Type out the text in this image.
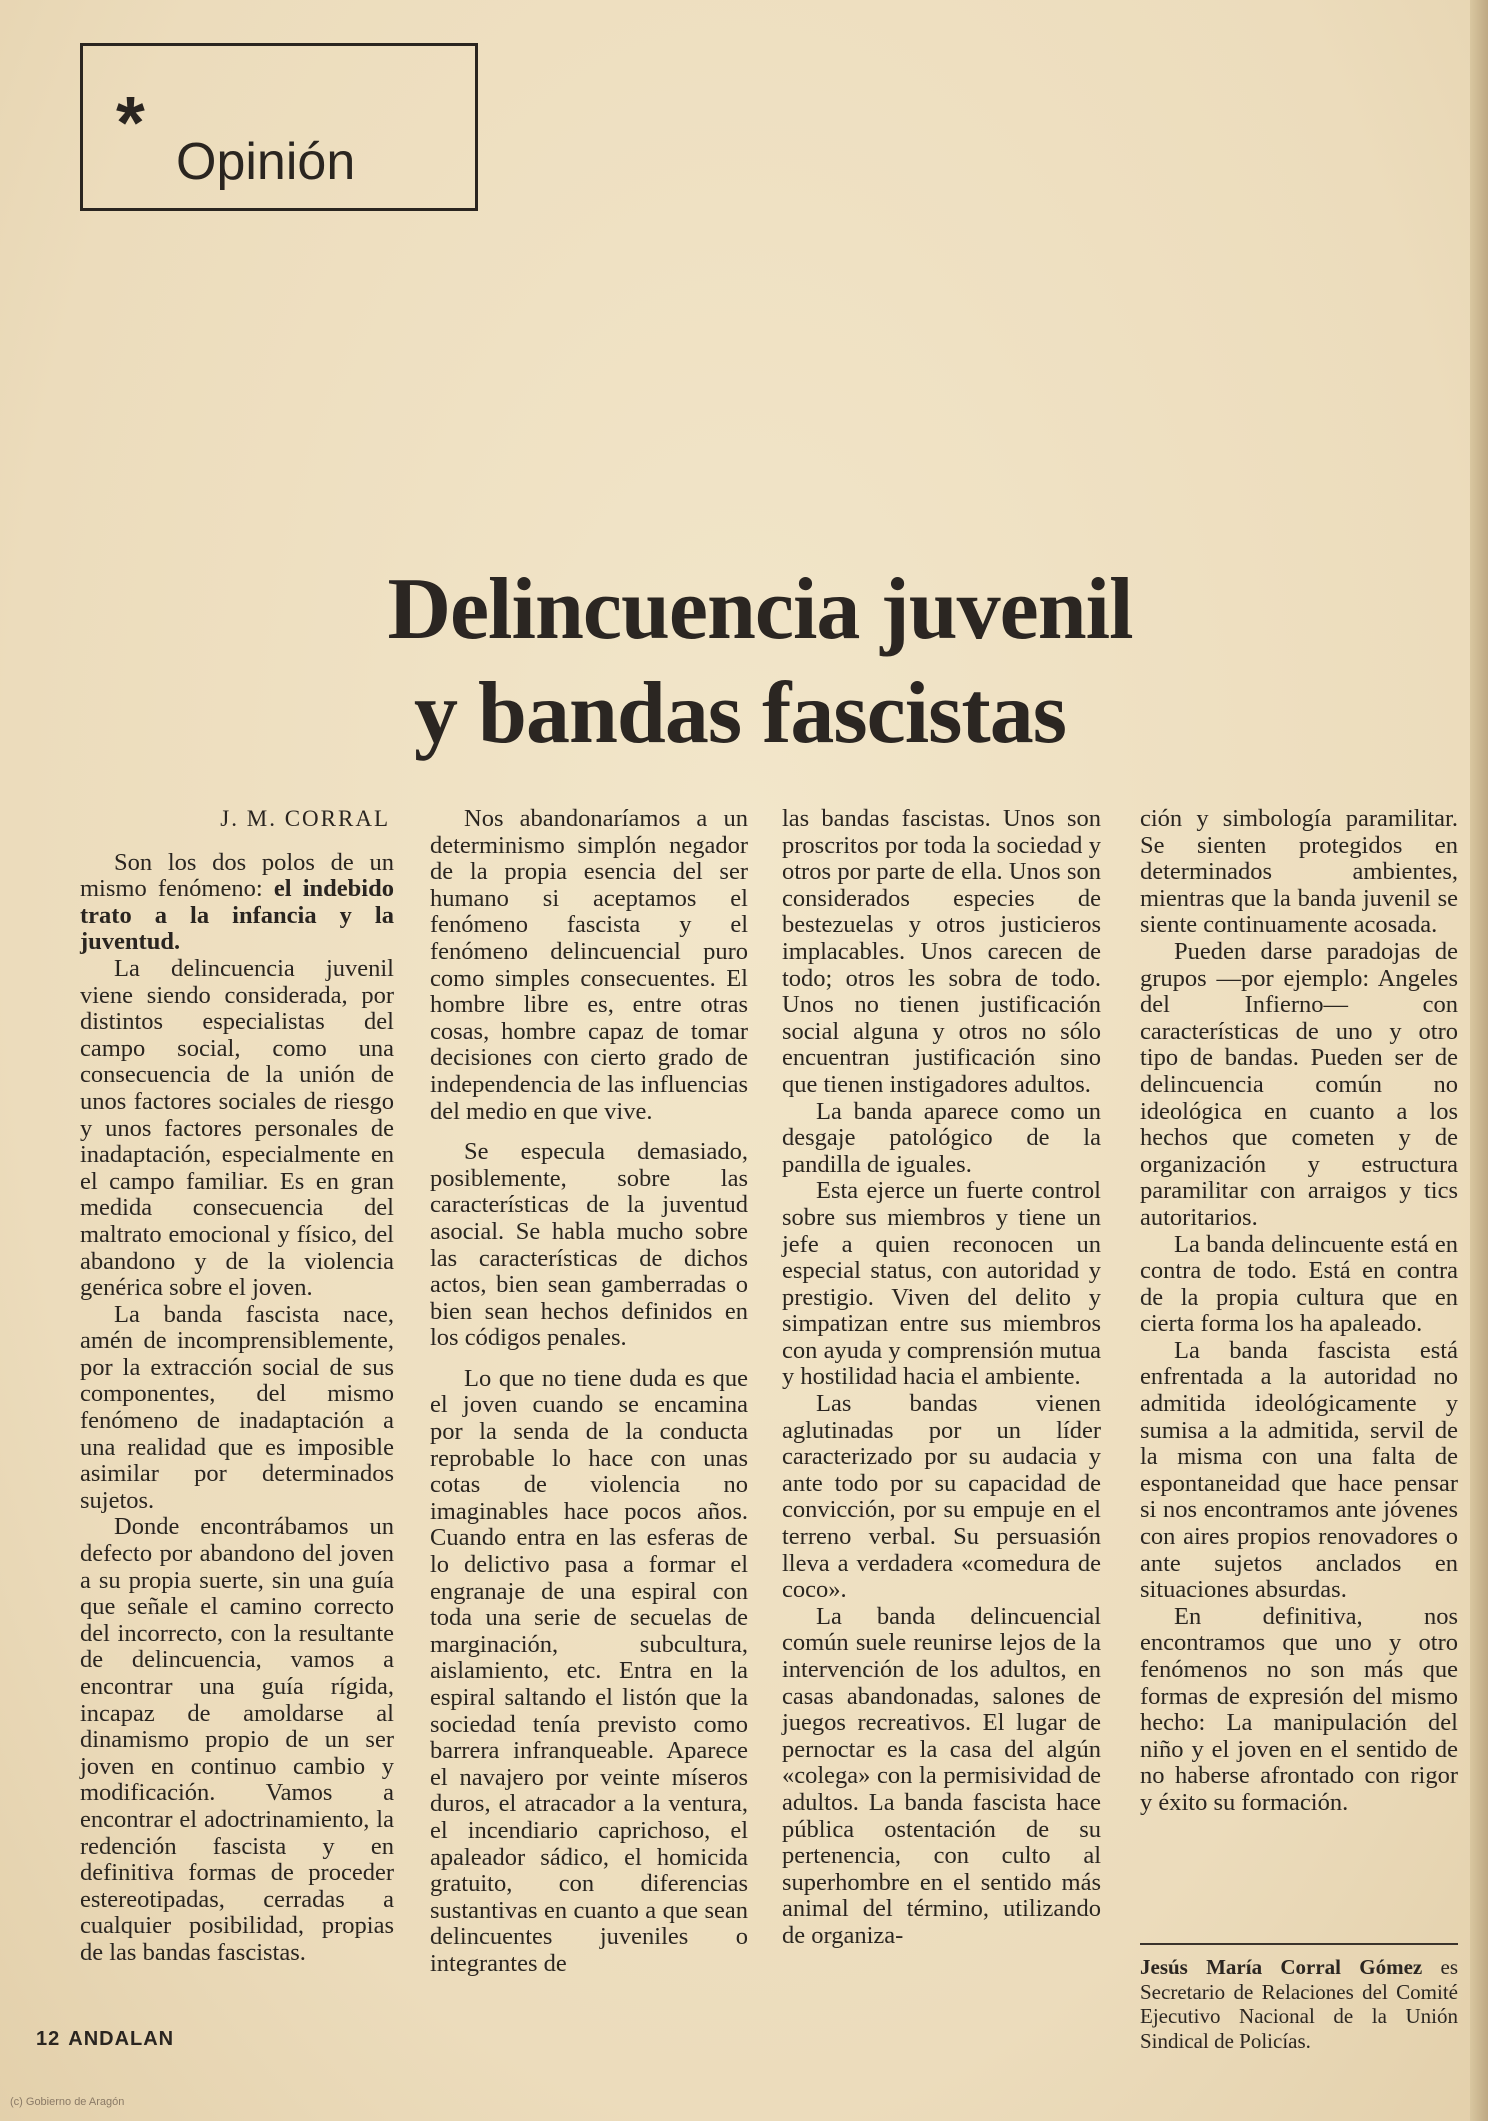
* Opinión
Delincuencia juvenil
y bandas fascistas
J. M. CORRAL

Son los dos polos de un mismo fenómeno: el indebido trato a la infancia y la juventud.

La delincuencia juvenil viene siendo considerada, por distintos especialistas del campo social, como una consecuencia de la unión de unos factores sociales de riesgo y unos factores personales de inadaptación, especialmente en el campo familiar. Es en gran medida consecuencia del maltrato emocional y físico, del abandono y de la violencia genérica sobre el joven.

La banda fascista nace, amén de incomprensiblemente, por la extracción social de sus componentes, del mismo fenómeno de inadaptación a una realidad que es imposible asimilar por determinados sujetos.

Donde encontrábamos un defecto por abandono del joven a su propia suerte, sin una guía que señale el camino correcto del incorrecto, con la resultante de delincuencia, vamos a encontrar una guía rígida, incapaz de amoldarse al dinamismo propio de un ser joven en continuo cambio y modificación. Vamos a encontrar el adoctrinamiento, la redención fascista y en definitiva formas de proceder estereotipadas, cerradas a cualquier posibilidad, propias de las bandas fascistas.

Nos abandonaríamos a un determinismo simplón negador de la propia esencia del ser humano si aceptamos el fenómeno fascista y el fenómeno delincuencial puro como simples consecuentes. El hombre libre es, entre otras cosas, hombre capaz de tomar decisiones con cierto grado de independencia de las influencias del medio en que vive.

Se especula demasiado, posiblemente, sobre las características de la juventud asocial. Se habla mucho sobre las características de dichos actos, bien sean gamberradas o bien sean hechos definidos en los códigos penales.

Lo que no tiene duda es que el joven cuando se encamina por la senda de la conducta reprobable lo hace con unas cotas de violencia no imaginables hace pocos años. Cuando entra en las esferas de lo delictivo pasa a formar el engranaje de una espiral con toda una serie de secuelas de marginación, subcultura, aislamiento, etc. Entra en la espiral saltando el listón que la sociedad tenía previsto como barrera infranqueable. Aparece el navajero por veinte míseros duros, el atracador a la ventura, el incendiario caprichoso, el apaleador sádico, el homicida gratuito, con diferencias sustantivas en cuanto a que sean delincuentes juveniles o integrantes de

las bandas fascistas. Unos son proscritos por toda la sociedad y otros por parte de ella. Unos son considerados especies de bestezuelas y otros justicieros implacables. Unos carecen de todo; otros les sobra de todo. Unos no tienen justificación social alguna y otros no sólo encuentran justificación sino que tienen instigadores adultos.

La banda aparece como un desgaje patológico de la pandilla de iguales.

Esta ejerce un fuerte control sobre sus miembros y tiene un jefe a quien reconocen un especial status, con autoridad y prestigio. Viven del delito y simpatizan entre sus miembros con ayuda y comprensión mutua y hostilidad hacia el ambiente.

Las bandas vienen aglutinadas por un líder caracterizado por su audacia y ante todo por su capacidad de convicción, por su empuje en el terreno verbal. Su persuasión lleva a verdadera «comedura de coco».

La banda delincuencial común suele reunirse lejos de la intervención de los adultos, en casas abandonadas, salones de juegos recreativos. El lugar de pernoctar es la casa del algún «colega» con la permisividad de adultos. La banda fascista hace pública ostentación de su pertenencia, con culto al superhombre en el sentido más animal del término, utilizando de organiza-

ción y simbología paramilitar. Se sienten protegidos en determinados ambientes, mientras que la banda juvenil se siente continuamente acosada.

Pueden darse paradojas de grupos —por ejemplo: Angeles del Infierno— con características de uno y otro tipo de bandas. Pueden ser de delincuencia común no ideológica en cuanto a los hechos que cometen y de organización y estructura paramilitar con arraigos y tics autoritarios.

La banda delincuente está en contra de todo. Está en contra de la propia cultura que en cierta forma los ha apaleado.

La banda fascista está enfrentada a la autoridad no admitida ideológicamente y sumisa a la admitida, servil de la misma con una falta de espontaneidad que hace pensar si nos encontramos ante jóvenes con aires propios renovadores o ante sujetos anclados en situaciones absurdas.

En definitiva, nos encontramos que uno y otro fenómenos no son más que formas de expresión del mismo hecho: La manipulación del niño y el joven en el sentido de no haberse afrontado con rigor y éxito su formación.

Jesús María Corral Gómez es Secretario de Relaciones del Comité Ejecutivo Nacional de la Unión Sindical de Policías.

12 ANDALAN
(c) Gobierno de Aragón
